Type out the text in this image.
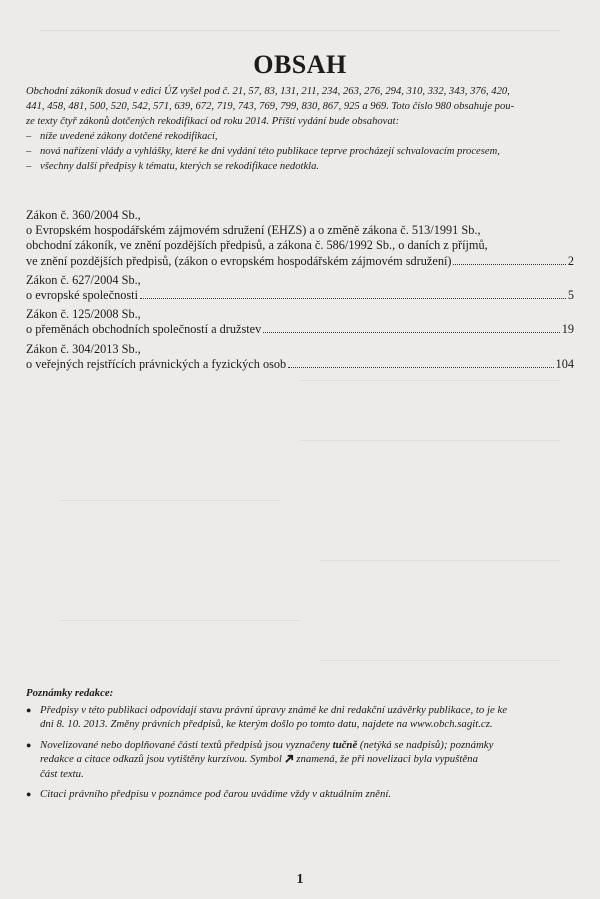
OBSAH
Obchodní zákoník dosud v edici ÚZ vyšel pod č. 21, 57, 83, 131, 211, 234, 263, 276, 294, 310, 332, 343, 376, 420,
441, 458, 481, 500, 520, 542, 571, 639, 672, 719, 743, 769, 799, 830, 867, 925 a 969. Toto číslo 980 obsahuje pou-
ze texty čtyř zákonů dotčených rekodifikací od roku 2014. Příští vydání bude obsahovat:
– níže uvedené zákony dotčené rekodifikací,
– nová nařízení vlády a vyhlášky, které ke dni vydání této publikace teprve procházejí schvalovacím procesem,
– všechny další předpisy k tématu, kterých se rekodifikace nedotkla.
Zákon č. 360/2004 Sb.,
o Evropském hospodářském zájmovém sdružení (EHZS) a o změně zákona č. 513/1991 Sb.,
obchodní zákoník, ve znění pozdějších předpisů, a zákona č. 586/1992 Sb., o daních z příjmů,
ve znění pozdějších předpisů, (zákon o evropském hospodářském zájmovém sdružení)	2
Zákon č. 627/2004 Sb.,
o evropské společnosti	5
Zákon č. 125/2008 Sb.,
o přeměnách obchodních společností a družstev	19
Zákon č. 304/2013 Sb.,
o veřejných rejstřících právnických a fyzických osob	104
Poznámky redakce:
● Předpisy v této publikaci odpovídají stavu právní úpravy známé ke dni redakční uzávěrky publikace, to je ke
dni 8. 10. 2013. Změny právních předpisů, ke kterým došlo po tomto datu, najdete na www.obch.sagit.cz.
● Novelizované nebo doplňované části textů předpisů jsou vyznačeny tučně (netýká se nadpisů); poznámky
redakce a citace odkazů jsou vytištěny kurzívou. Symbol  znamená, že při novelizaci byla vypuštěna
část textu.
● Citaci právního předpisu v poznámce pod čarou uvádíme vždy v aktuálním znění.
1
